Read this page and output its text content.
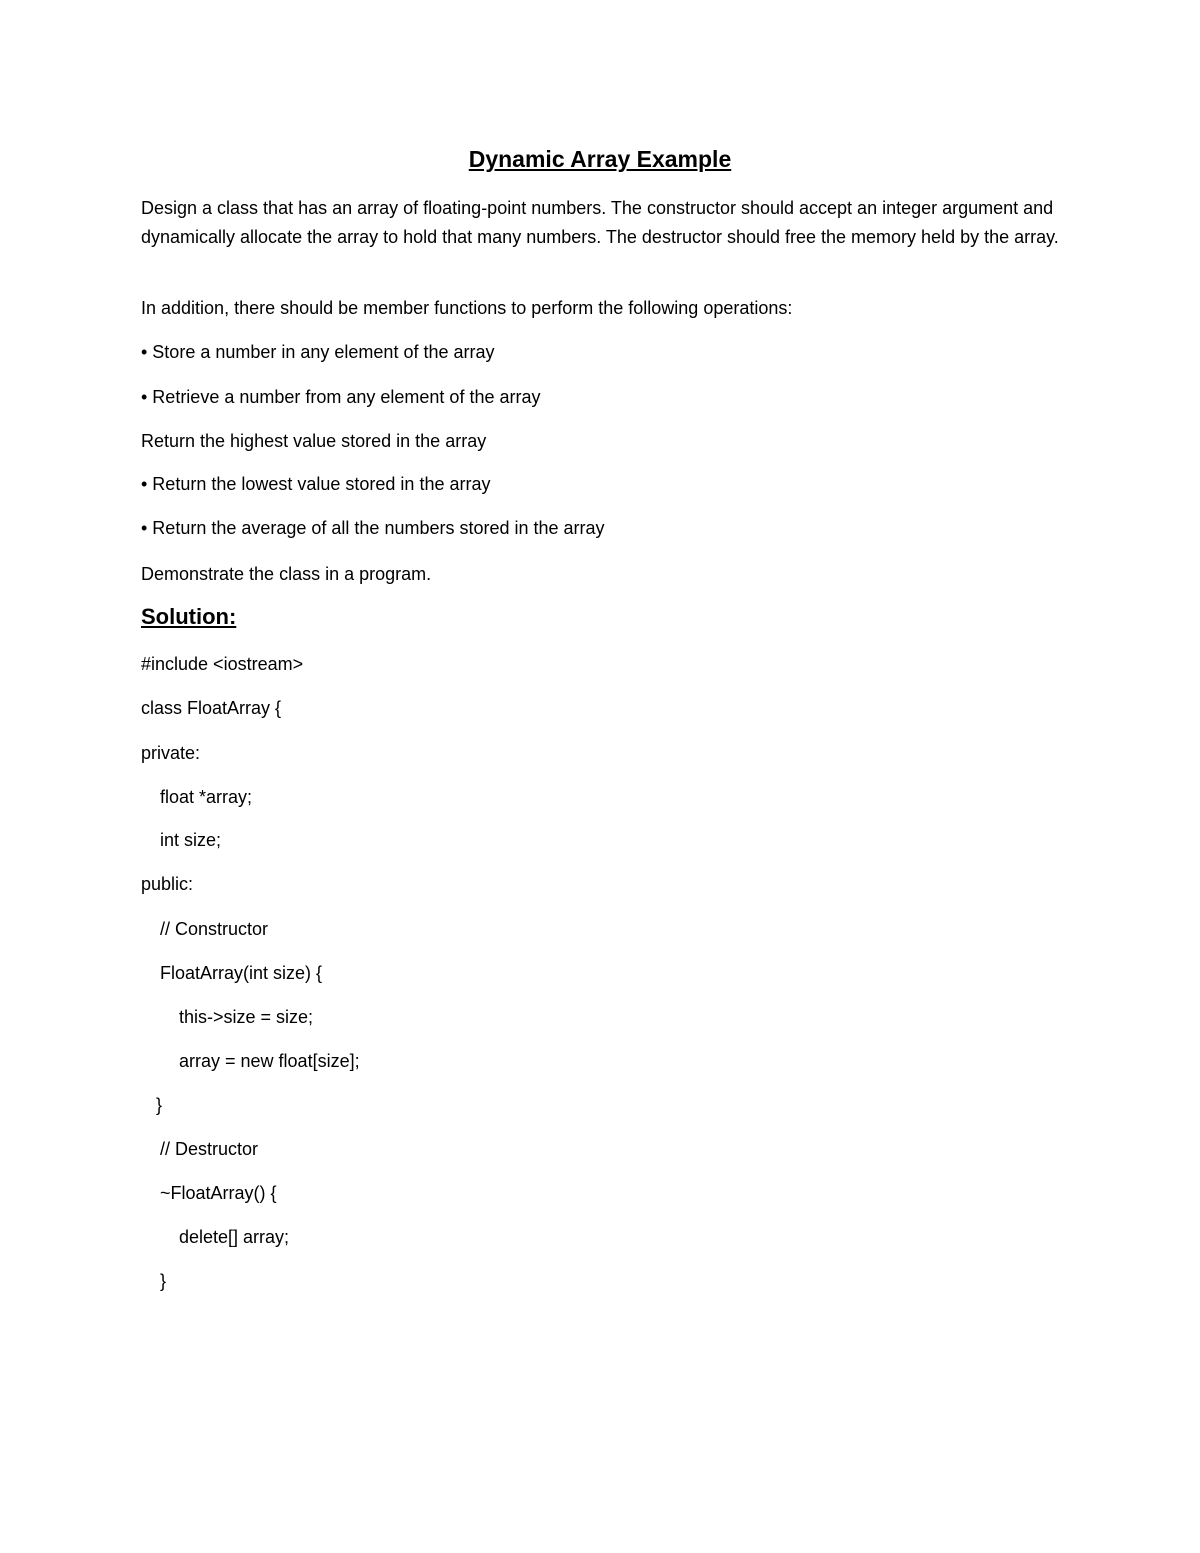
Dynamic Array Example

Design a class that has an array of floating-point numbers. The constructor should accept an integer argument and dynamically allocate the array to hold that many numbers. The destructor should free the memory held by the array.

In addition, there should be member functions to perform the following operations:
• Store a number in any element of the array
• Retrieve a number from any element of the array
Return the highest value stored in the array
• Return the lowest value stored in the array
• Return the average of all the numbers stored in the array
Demonstrate the class in a program.
Solution:
#include <iostream>
class FloatArray {
private:
float *array;
int size;
public:
// Constructor
FloatArray(int size) {
this->size = size;
array = new float[size];
}
// Destructor
~FloatArray() {
delete[] array;
}
